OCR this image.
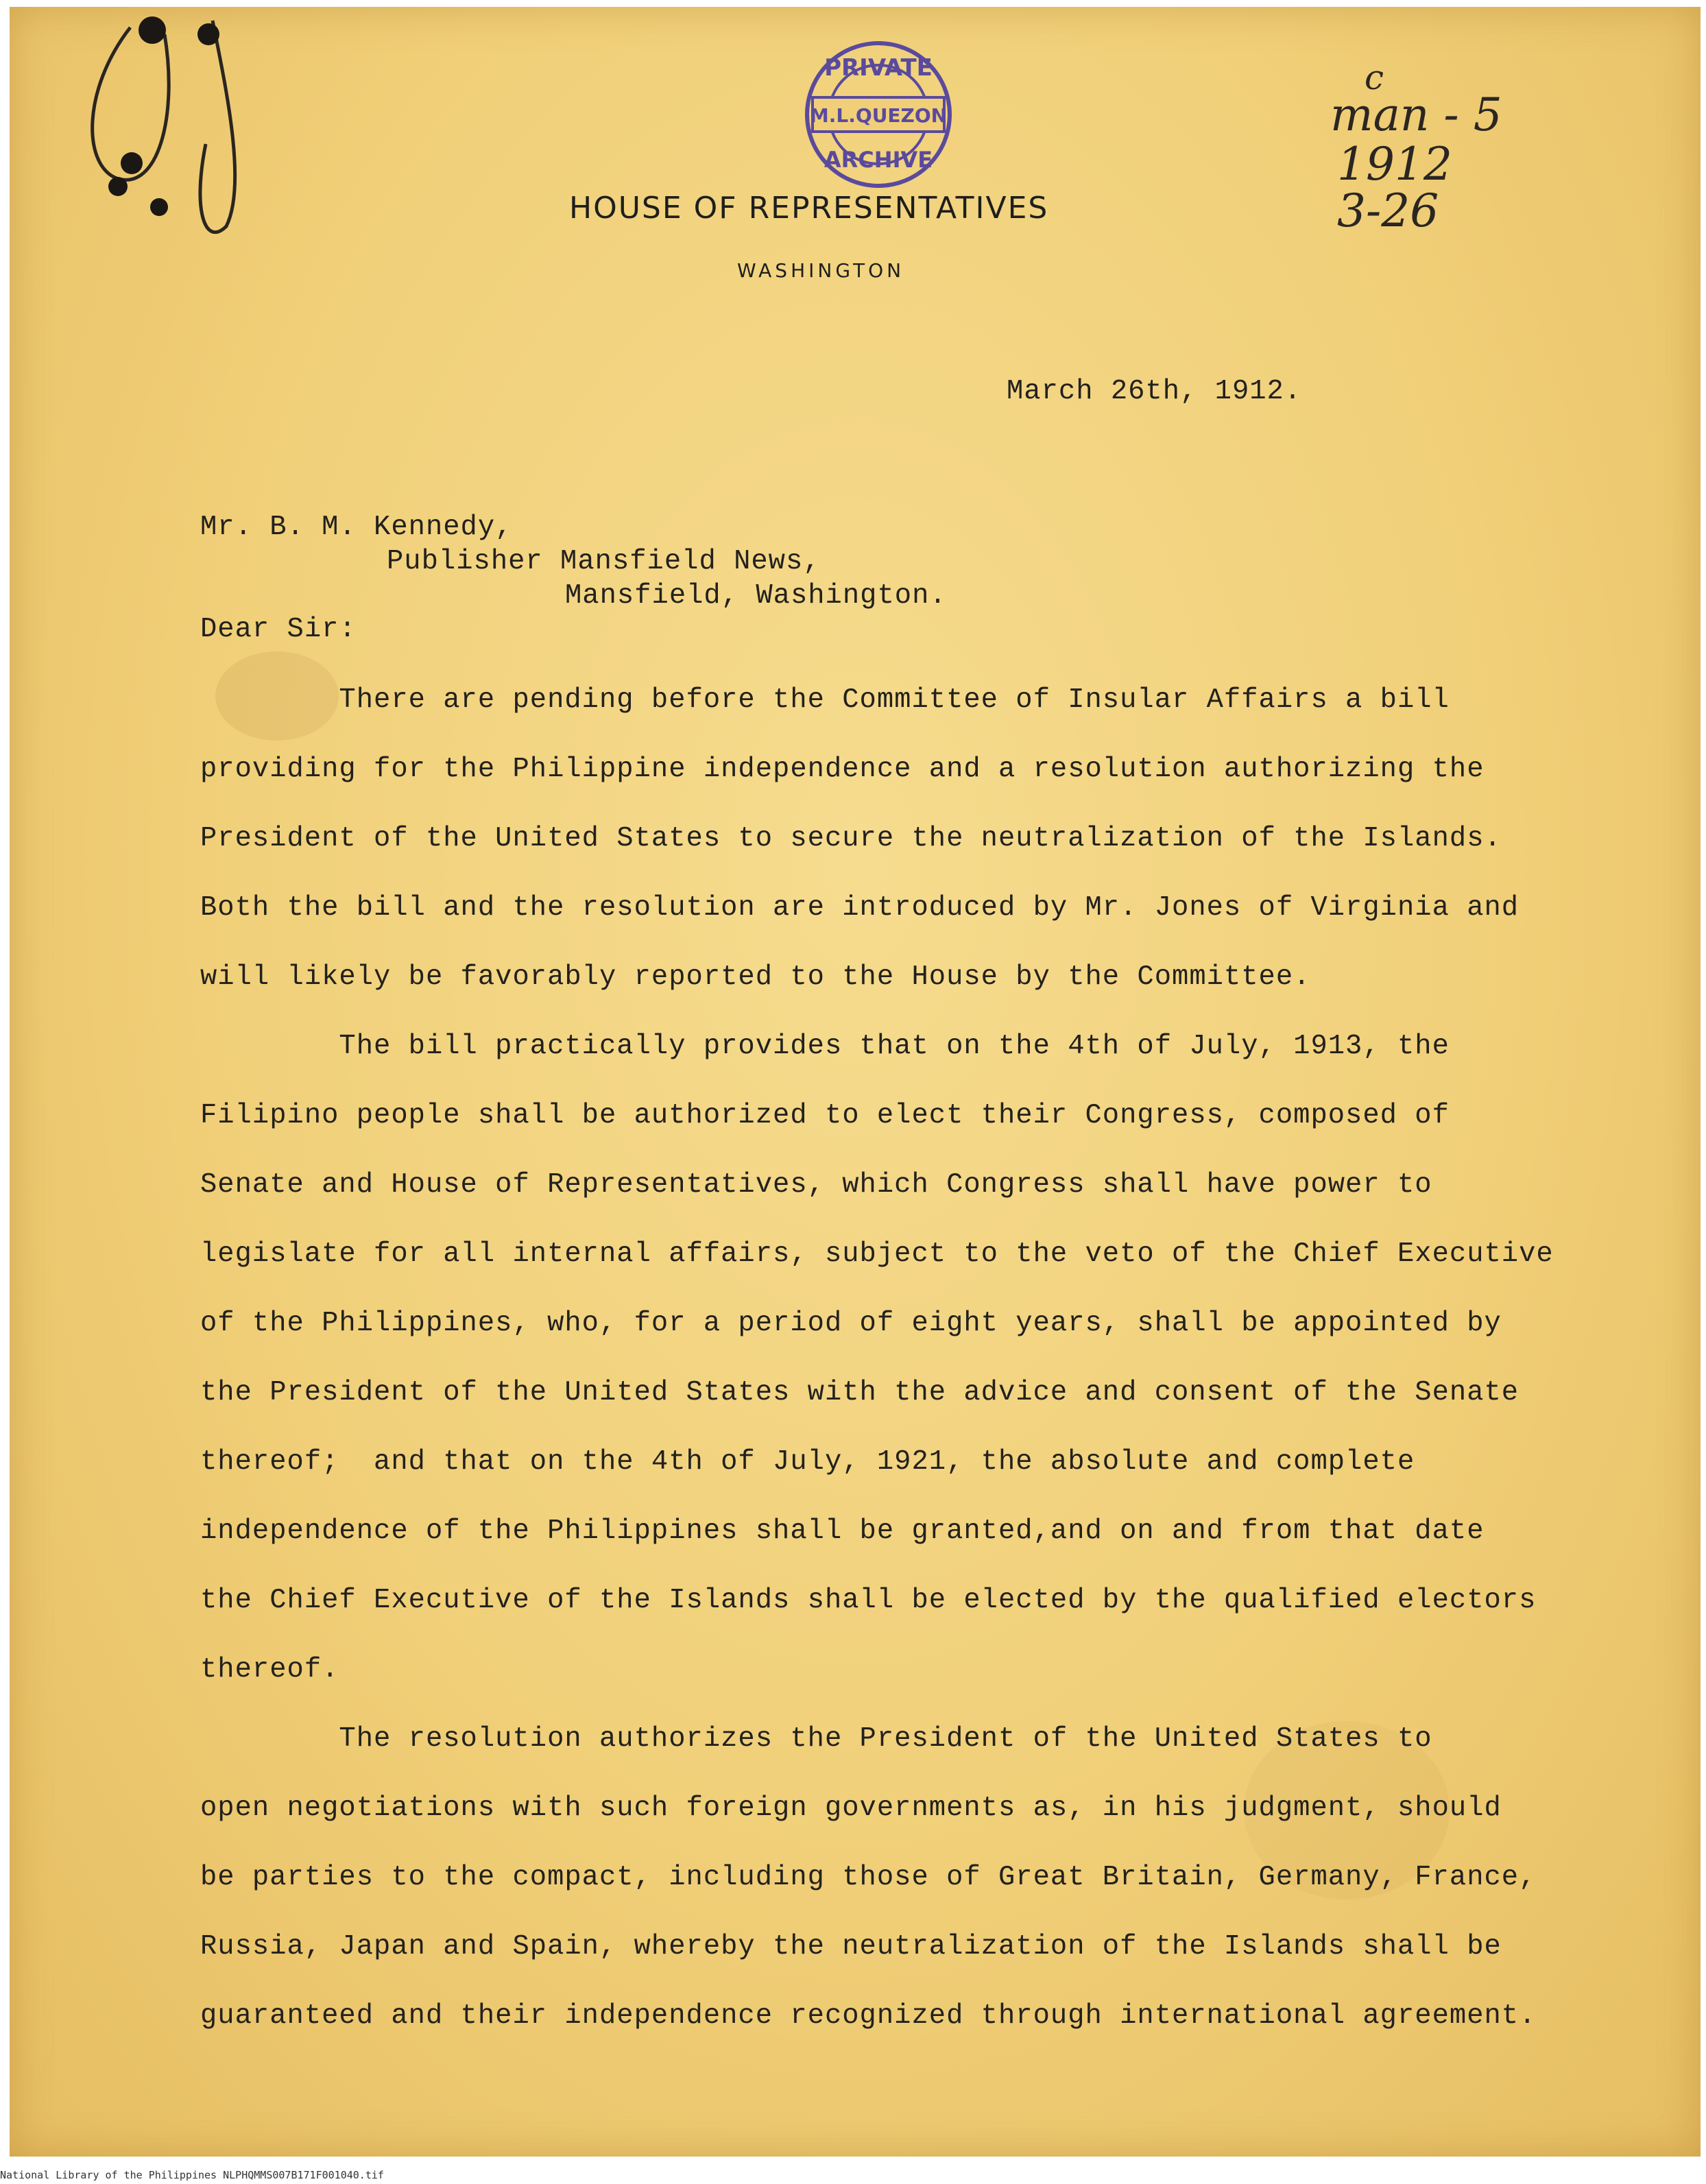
PRIVATE
M.L.QUEZON
ARCHIVE
c
man - 5
1912
3-26
HOUSE OF REPRESENTATIVES
WASHINGTON
March 26th, 1912.
Mr. B. M. Kennedy,
Publisher Mansfield News,
Mansfield, Washington.
Dear Sir:
There are pending before the Committee of Insular Affairs a bill
providing for the Philippine independence and a resolution authorizing the
President of the United States to secure the neutralization of the Islands.
Both the bill and the resolution are introduced by Mr. Jones of Virginia and
will likely be favorably reported to the House by the Committee.
The bill practically provides that on the 4th of July, 1913, the
Filipino people shall be authorized to elect their Congress, composed of
Senate and House of Representatives, which Congress shall have power to
legislate for all internal affairs, subject to the veto of the Chief Executive
of the Philippines, who, for a period of eight years, shall be appointed by
the President of the United States with the advice and consent of the Senate
thereof;  and that on the 4th of July, 1921, the absolute and complete
independence of the Philippines shall be granted,and on and from that date
the Chief Executive of the Islands shall be elected by the qualified electors
thereof.
The resolution authorizes the President of the United States to
open negotiations with such foreign governments as, in his judgment, should
be parties to the compact, including those of Great Britain, Germany, France,
Russia, Japan and Spain, whereby the neutralization of the Islands shall be
guaranteed and their independence recognized through international agreement.
National Library of the Philippines NLPHQMMS007B171F001040.tif
